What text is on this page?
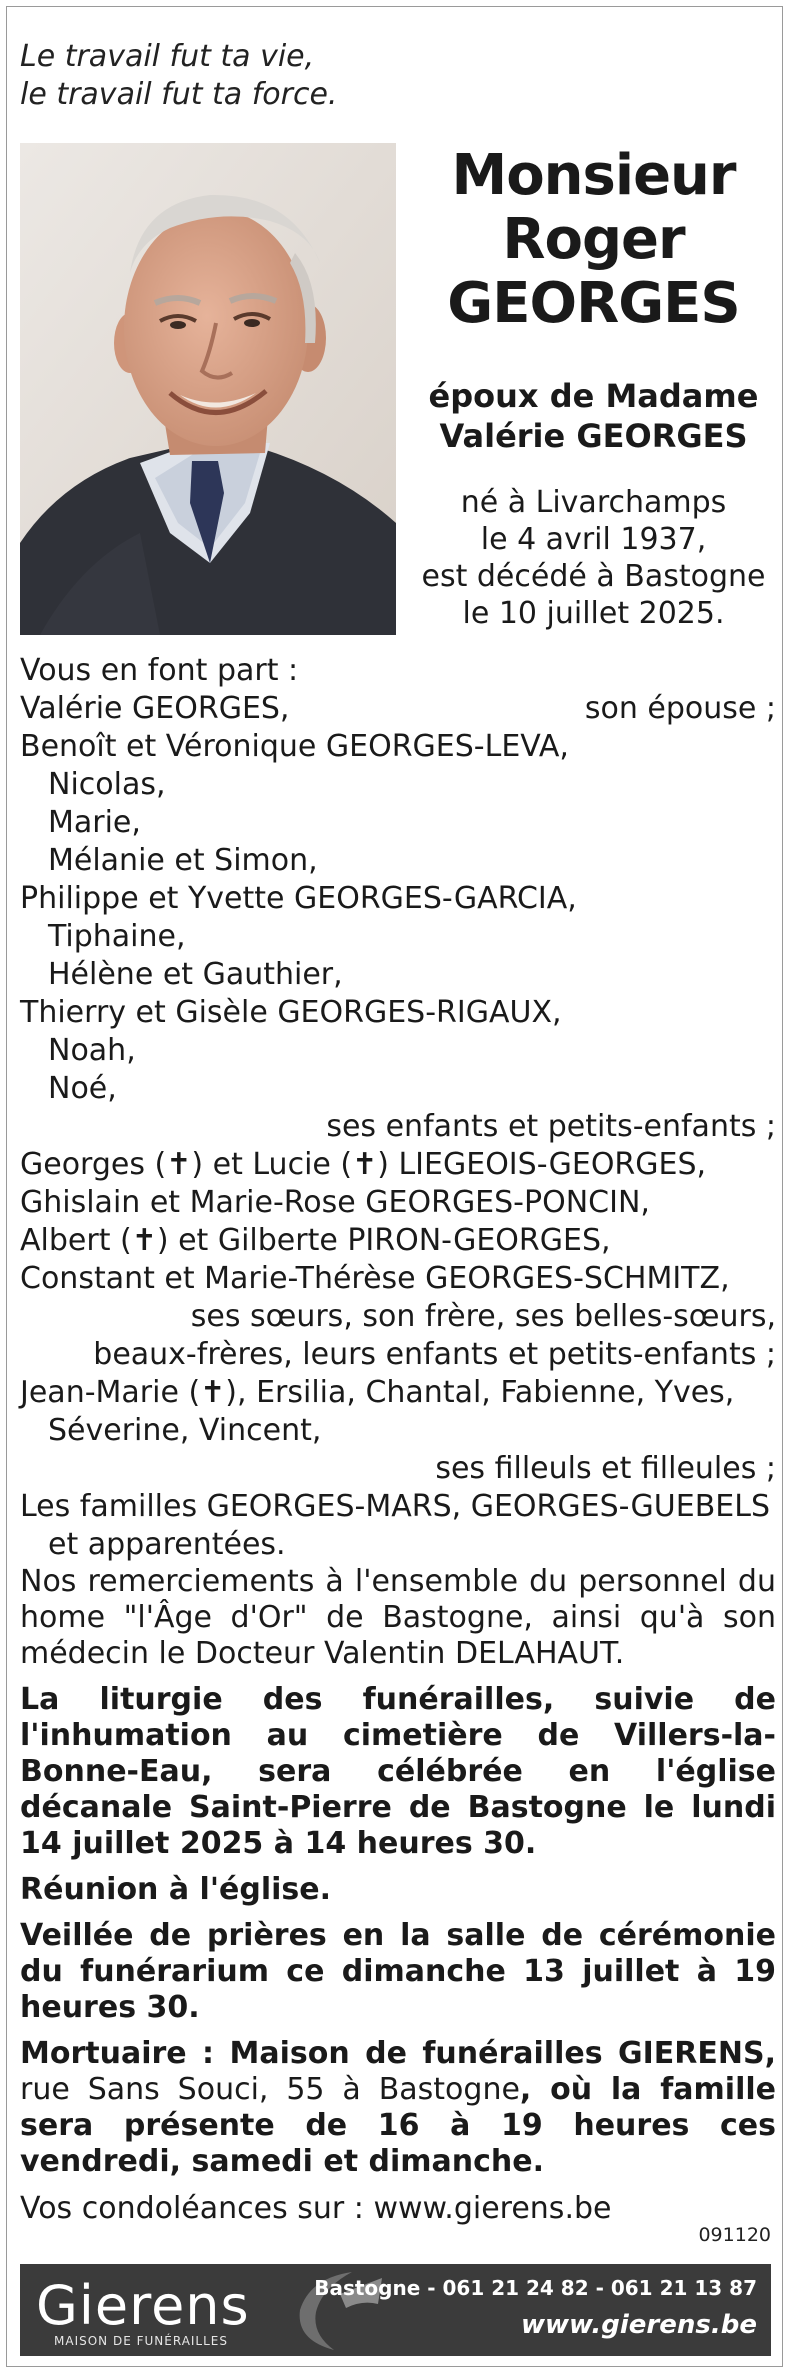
Le travail fut ta vie,
le travail fut ta force.
Monsieur
Roger
GEORGES
époux de Madame
Valérie GEORGES
né à Livarchamps
le 4 avril 1937,
est décédé à Bastogne
le 10 juillet 2025.
Vous en font part :
Valérie GEORGES,	son épouse ;
Benoît et Véronique GEORGES-LEVA,
Nicolas,
Marie,
Mélanie et Simon,
Philippe et Yvette GEORGES-GARCIA,
Tiphaine,
Hélène et Gauthier,
Thierry et Gisèle GEORGES-RIGAUX,
Noah,
Noé,
ses enfants et petits-enfants ;
Georges (✝) et Lucie (✝) LIEGEOIS-GEORGES,
Ghislain et Marie-Rose GEORGES-PONCIN,
Albert (✝) et Gilberte PIRON-GEORGES,
Constant et Marie-Thérèse GEORGES-SCHMITZ,
ses sœurs, son frère, ses belles-sœurs,
beaux-frères, leurs enfants et petits-enfants ;
Jean-Marie (✝), Ersilia, Chantal, Fabienne, Yves,
Séverine, Vincent,
ses filleuls et filleules ;
Les familles GEORGES-MARS, GEORGES-GUEBELS
et apparentées.
Nos remerciements à l'ensemble du personnel du home "l'Âge d'Or" de Bastogne, ainsi qu'à son médecin le Docteur Valentin DELAHAUT.
La liturgie des funérailles, suivie de l'inhumation au cimetière de Villers-la-Bonne-Eau, sera célébrée en l'église décanale Saint-Pierre de Bastogne le lundi 14 juillet 2025 à 14 heures 30.
Réunion à l'église.
Veillée de prières en la salle de cérémonie du funérarium ce dimanche 13 juillet à 19 heures 30.
Mortuaire : Maison de funérailles GIERENS, rue Sans Souci, 55 à Bastogne, où la famille sera présente de 16 à 19 heures ces vendredi, samedi et dimanche.
Vos condoléances sur : www.gierens.be
091120
Gierens
MAISON DE FUNÉRAILLES
Bastogne - 061 21 24 82 - 061 21 13 87
www.gierens.be
